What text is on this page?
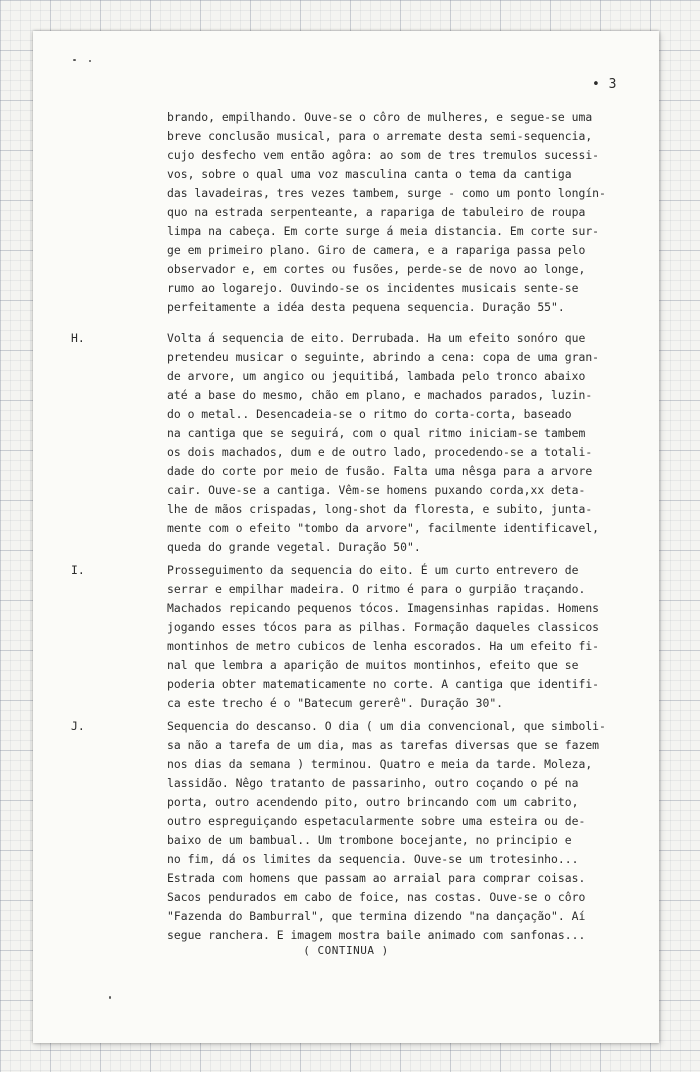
• 3
brando, empilhando. Ouve-se o côro de mulheres, e segue-se uma
breve conclusão musical, para o arremate desta semi-sequencia,
cujo desfecho vem então agôra: ao som de tres tremulos sucessi-
vos, sobre o qual uma voz masculina canta o tema da cantiga
das lavadeiras, tres vezes tambem, surge - como um ponto longín-
quo na estrada serpenteante, a rapariga de tabuleiro de roupa
limpa na cabeça. Em corte surge á meia distancia. Em corte sur-
ge em primeiro plano. Giro de camera, e a rapariga passa pelo
observador e, em cortes ou fusões, perde-se de novo ao longe,
rumo ao logarejo. Ouvindo-se os incidentes musicais sente-se
perfeitamente a idéa desta pequena sequencia. Duração 55".
H.	Volta á sequencia de eito. Derrubada. Ha um efeito sonóro que
pretendeu musicar o seguinte, abrindo a cena: copa de uma gran-
de arvore, um angico ou jequitibá, lambada pelo tronco abaixo
até a base do mesmo, chão em plano, e machados parados, luzin-
do o metal.. Desencadeia-se o ritmo do corta-corta, baseado
na cantiga que se seguirá, com o qual ritmo iniciam-se tambem
os dois machados, dum e de outro lado, procedendo-se a totali-
dade do corte por meio de fusão. Falta uma nêsga para a arvore
cair. Ouve-se a cantiga. Vêm-se homens puxando corda,xx deta-
lhe de mãos crispadas, long-shot da floresta, e subito, junta-
mente com o efeito "tombo da arvore", facilmente identificavel,
queda do grande vegetal. Duração 50".
I.	Prosseguimento da sequencia do eito. É um curto entrevero de
serrar e empilhar madeira. O ritmo é para o gurpião traçando.
Machados repicando pequenos tócos. Imagensinhas rapidas. Homens
jogando esses tócos para as pilhas. Formação daqueles classicos
montinhos de metro cubicos de lenha escorados. Ha um efeito fi-
nal que lembra a aparição de muitos montinhos, efeito que se
poderia obter matematicamente no corte. A cantiga que identifi-
ca este trecho é o "Batecum gererê". Duração 30".
J.	Sequencia do descanso. O dia ( um dia convencional, que simboli-
sa não a tarefa de um dia, mas as tarefas diversas que se fazem
nos dias da semana ) terminou. Quatro e meia da tarde. Moleza,
lassidão. Nêgo tratanto de passarinho, outro coçando o pé na
porta, outro acendendo pito, outro brincando com um cabrito,
outro espreguiçando espetacularmente sobre uma esteira ou de-
baixo de um bambual.. Um trombone bocejante, no principio e
no fim, dá os limites da sequencia. Ouve-se um trotesinho...
Estrada com homens que passam ao arraial para comprar coisas.
Sacos pendurados em cabo de foice, nas costas. Ouve-se o côro
"Fazenda do Bamburral", que termina dizendo "na dançação". Aí
segue ranchera. E imagem mostra baile animado com sanfonas...
( CONTINUA )
